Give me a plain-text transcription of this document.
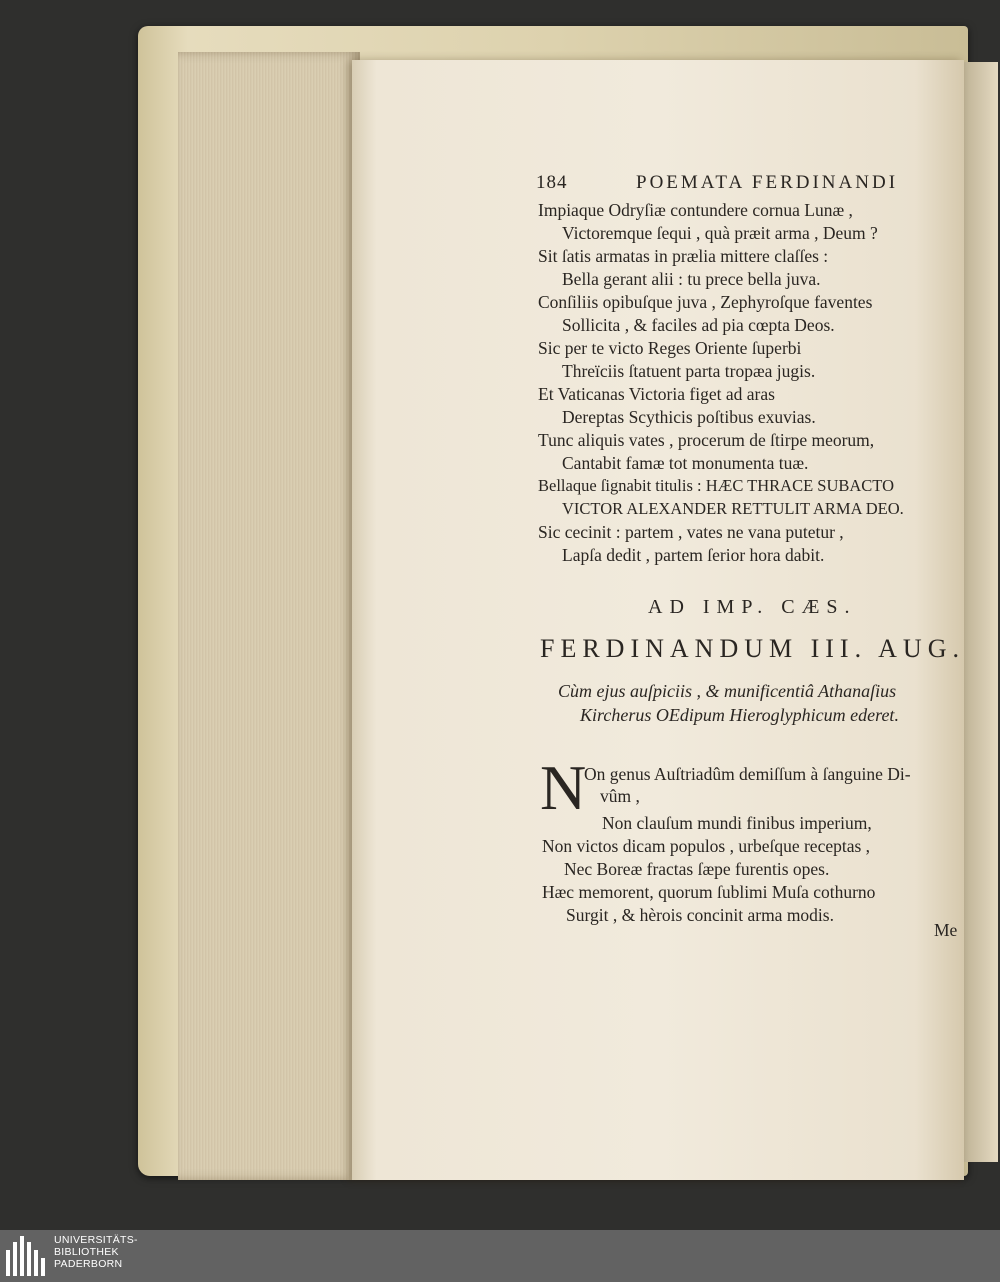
184	POEMATA FERDINANDI
Impiaque Odryſiæ contundere cornua Lunæ ,
Victoremque ſequi , quà præit arma , Deum ?
Sit ſatis armatas in prælia mittere claſſes :
Bella gerant alii : tu prece bella juva.
Conſiliis opibuſque juva , Zephyroſque faventes
Sollicita , & faciles ad pia cœpta Deos.
Sic per te victo Reges Oriente ſuperbi
Threïciis ſtatuent parta tropæa jugis.
Et Vaticanas Victoria figet ad aras
Dereptas Scythicis poſtibus exuvias.
Tunc aliquis vates , procerum de ſtirpe meorum,
Cantabit famæ tot monumenta tuæ.
Bellaque ſignabit titulis : HÆC THRACE SUBACTO
VICTOR ALEXANDER RETTULIT ARMA DEO.
Sic cecinit : partem , vates ne vana putetur ,
Lapſa dedit , partem ſerior hora dabit.
AD IMP. CÆS.
FERDINANDUM III. AUG.
Cùm ejus auſpiciis , & munificentiâ Athanaſius
Kircherus OEdipum Hieroglyphicum ederet.
N
On genus Auſtriadûm demiſſum à ſanguine Di-
vûm ,
Non clauſum mundi finibus imperium,
Non victos dicam populos , urbeſque receptas ,
Nec Boreæ fractas ſæpe furentis opes.
Hæc memorent, quorum ſublimi Muſa cothurno
Surgit , & hèrois concinit arma modis.
Me
UNIVERSITÄTS-
BIBLIOTHEK
PADERBORN
